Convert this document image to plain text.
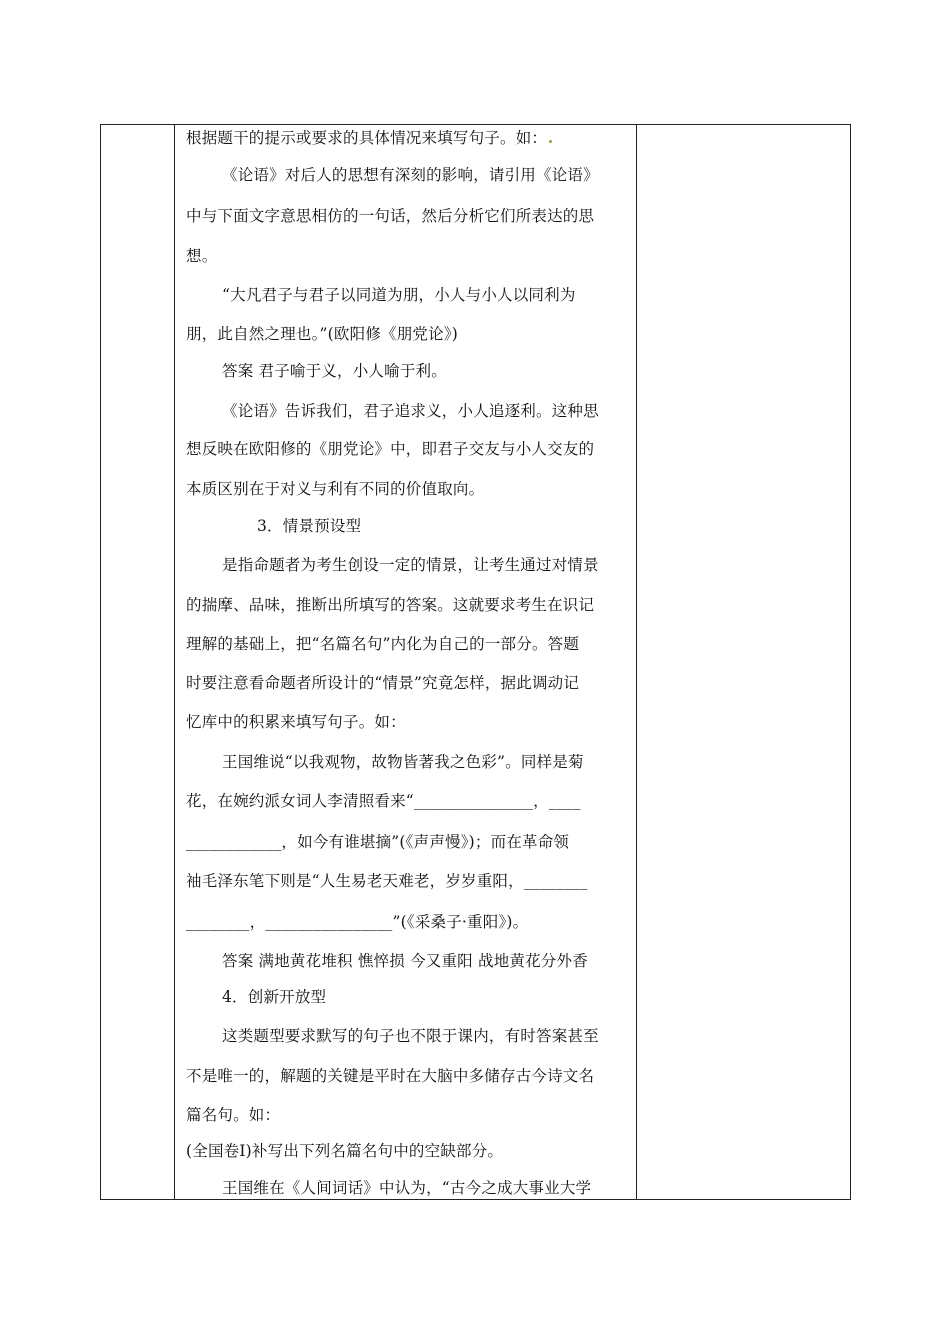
根据题干的提示或要求的具体情况来填写句子。如：
《论语》对后人的思想有深刻的影响，请引用《论语》
中与下面文字意思相仿的一句话，然后分析它们所表达的思
想。
“大凡君子与君子以同道为朋，小人与小人以同利为
朋，此自然之理也。”(欧阳修《朋党论》)
答案 君子喻于义，小人喻于利。
《论语》告诉我们，君子追求义，小人追逐利。这种思
想反映在欧阳修的《朋党论》中，即君子交友与小人交友的
本质区别在于对义与利有不同的价值取向。
3．情景预设型
是指命题者为考生创设一定的情景，让考生通过对情景
的揣摩、品味，推断出所填写的答案。这就要求考生在识记
理解的基础上，把“名篇名句”内化为自己的一部分。答题
时要注意看命题者所设计的“情景”究竟怎样，据此调动记
忆库中的积累来填写句子。如：
王国维说“以我观物，故物皆著我之色彩”。同样是菊
花，在婉约派女词人李清照看来“_______________，____
____________，如今有谁堪摘”(《声声慢》)；而在革命领
袖毛泽东笔下则是“人生易老天难老，岁岁重阳，________
________，________________”(《采桑子·重阳》)。
答案 满地黄花堆积 憔悴损 今又重阳 战地黄花分外香
4．创新开放型
这类题型要求默写的句子也不限于课内，有时答案甚至
不是唯一的，解题的关键是平时在大脑中多储存古今诗文名
篇名句。如：
(全国卷Ⅰ)补写出下列名篇名句中的空缺部分。
王国维在《人间词话》中认为，“古今之成大事业大学
